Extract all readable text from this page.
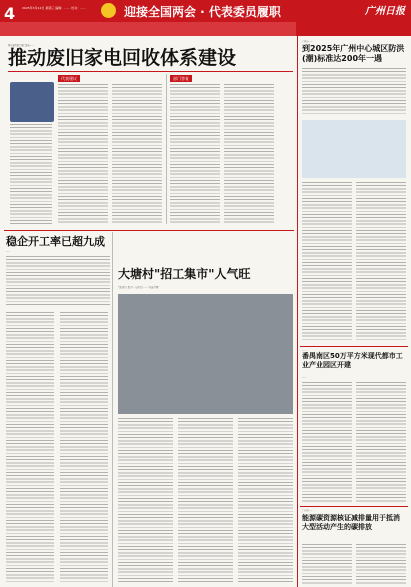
4	2025年3月12日 星期三 编辑：…… 校对：……	迎接全国两会 · 代表委员履职	广州日报
国家发改委等部门发布……
推动废旧家电回收体系建设
代表建议	部门答复
广州市……
到2025年广州中心城区防洪(潮)标准达200年一遇
稳企开工率已超九成
……
大塘村"招工集市"人气旺
"灵活招工集市"一定程度上……"动态平衡"
……
番禺南区50万平方米现代都市工业产业园区开建
……
广东省……
能源碳资源核证减排量用于抵消大型活动产生的碳排放
